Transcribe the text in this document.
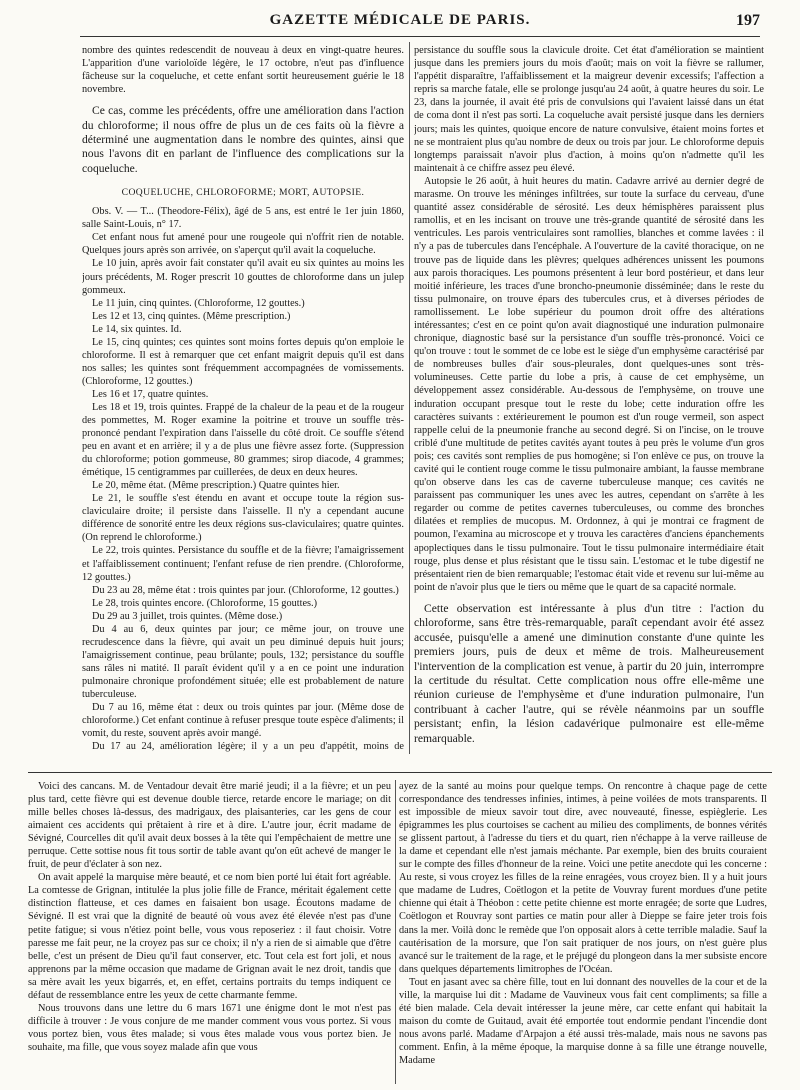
GAZETTE MÉDICALE DE PARIS.	197

nombre des quintes redescendit de nouveau à deux en vingt-quatre heures. L'apparition d'une varioloïde légère, le 17 octobre, n'eut pas d'influence fâcheuse sur la coqueluche, et cette enfant sortit heureusement guérie le 18 novembre.

Ce cas, comme les précédents, offre une amélioration dans l'action du chloroforme; il nous offre de plus un de ces faits où la fièvre a déterminé une augmentation dans le nombre des quintes, ainsi que nous l'avons dit en parlant de l'influence des complications sur la coqueluche.

COQUELUCHE, CHLOROFORME; MORT, AUTOPSIE.

Obs. V. — T... (Theodore-Félix), âgé de 5 ans, est entré le 1er juin 1860, salle Saint-Louis, n° 17.

Cet enfant nous fut amené pour une rougeole qui n'offrit rien de notable. Quelques jours après son arrivée, on s'aperçut qu'il avait la coqueluche.

Le 10 juin, après avoir fait constater qu'il avait eu six quintes au moins les jours précédents, M. Roger prescrit 10 gouttes de chloroforme dans un julep gommeux.

Le 11 juin, cinq quintes. (Chloroforme, 12 gouttes.)

Les 12 et 13, cinq quintes. (Même prescription.)

Le 14, six quintes. Id.

Le 15, cinq quintes; ces quintes sont moins fortes depuis qu'on emploie le chloroforme. Il est à remarquer que cet enfant maigrit depuis qu'il est dans nos salles; les quintes sont fréquemment accompagnées de vomissements. (Chloroforme, 12 gouttes.)

Les 16 et 17, quatre quintes.

Les 18 et 19, trois quintes. Frappé de la chaleur de la peau et de la rougeur des pommettes, M. Roger examine la poitrine et trouve un souffle très-prononcé pendant l'expiration dans l'aisselle du côté droit. Ce souffle s'étend peu en avant et en arrière; il y a de plus une fièvre assez forte. (Suppression du chloroforme; potion gommeuse, 80 grammes; sirop diacode, 4 grammes; émétique, 15 centigrammes par cuillerées, de deux en deux heures.

Le 20, même état. (Même prescription.) Quatre quintes hier.

Le 21, le souffle s'est étendu en avant et occupe toute la région sus-claviculaire droite; il persiste dans l'aisselle. Il n'y a cependant aucune différence de sonorité entre les deux régions sus-claviculaires; quatre quintes. (On reprend le chloroforme.)

Le 22, trois quintes. Persistance du souffle et de la fièvre; l'amaigrissement et l'affaiblissement continuent; l'enfant refuse de rien prendre. (Chloroforme, 12 gouttes.)

Du 23 au 28, même état : trois quintes par jour. (Chloroforme, 12 gouttes.)

Le 28, trois quintes encore. (Chloroforme, 15 gouttes.)

Du 29 au 3 juillet, trois quintes. (Même dose.)

Du 4 au 6, deux quintes par jour; ce même jour, on trouve une recrudescence dans la fièvre, qui avait un peu diminué depuis huit jours; l'amaigrissement continue, peau brûlante; pouls, 132; persistance du souffle sans râles ni matité. Il paraît évident qu'il y a en ce point une induration pulmonaire chronique profondément située; elle est probablement de nature tuberculeuse.

Du 7 au 16, même état : deux ou trois quintes par jour. (Même dose de chloroforme.) Cet enfant continue à refuser presque toute espèce d'aliments; il vomit, du reste, souvent après avoir mangé.

Du 17 au 24, amélioration légère; il y a un peu d'appétit, moins de

persistance du souffle sous la clavicule droite. Cet état d'amélioration se maintient jusque dans les premiers jours du mois d'août; mais on voit la fièvre se rallumer, l'appétit disparaître, l'affaiblissement et la maigreur devenir excessifs; l'affection a repris sa marche fatale, elle se prolonge jusqu'au 24 août, à quatre heures du soir. Le 23, dans la journée, il avait été pris de convulsions qui l'avaient laissé dans un état de coma dont il n'est pas sorti. La coqueluche avait persisté jusque dans les derniers jours; mais les quintes, quoique encore de nature convulsive, étaient moins fortes et ne se montraient plus qu'au nombre de deux ou trois par jour. Le chloroforme depuis longtemps paraissait n'avoir plus d'action, à moins qu'on n'admette qu'il les maintenait à ce chiffre assez peu élevé.

Autopsie le 26 août, à huit heures du matin. Cadavre arrivé au dernier degré de marasme. On trouve les méninges infiltrées, sur toute la surface du cerveau, d'une quantité assez considérable de sérosité. Les deux hémisphères paraissent plus ramollis, et en les incisant on trouve une très-grande quantité de sérosité dans les ventricules. Les parois ventriculaires sont ramollies, blanches et comme lavées : il n'y a pas de tubercules dans l'encéphale. A l'ouverture de la cavité thoracique, on ne trouve pas de liquide dans les plèvres; quelques adhérences unissent les poumons aux parois thoraciques. Les poumons présentent à leur bord postérieur, et dans leur moitié inférieure, les traces d'une broncho-pneumonie disséminée; dans le reste du tissu pulmonaire, on trouve épars des tubercules crus, et à diverses périodes de ramollissement. Le lobe supérieur du poumon droit offre des altérations intéressantes; c'est en ce point qu'on avait diagnostiqué une induration pulmonaire chronique, diagnostic basé sur la persistance d'un souffle très-prononcé. Voici ce qu'on trouve : tout le sommet de ce lobe est le siège d'un emphysème caractérisé par de nombreuses bulles d'air sous-pleurales, dont quelques-unes sont très-volumineuses. Cette partie du lobe a pris, à cause de cet emphysème, un développement assez considérable. Au-dessous de l'emphysème, on trouve une induration occupant presque tout le reste du lobe; cette induration offre les caractères suivants : extérieurement le poumon est d'un rouge vermeil, son aspect rappelle celui de la pneumonie franche au second degré. Si on l'incise, on le trouve criblé d'une multitude de petites cavités ayant toutes à peu près le volume d'un gros pois; ces cavités sont remplies de pus homogène; si l'on enlève ce pus, on trouve la cavité qui le contient rouge comme le tissu pulmonaire ambiant, la fausse membrane qu'on observe dans les cas de caverne tuberculeuse manque; ces cavités ne paraissent pas communiquer les unes avec les autres, cependant on s'arrête à les regarder ou comme de petites cavernes tuberculeuses, ou comme des bronches dilatées et remplies de mucopus. M. Ordonnez, à qui je montrai ce fragment de poumon, l'examina au microscope et y trouva les caractères d'anciens épanchements apoplectiques dans le tissu pulmonaire. Tout le tissu pulmonaire intermédiaire était rouge, plus dense et plus résistant que le tissu sain. L'estomac et le tube digestif ne présentaient rien de bien remarquable; l'estomac était vide et revenu sur lui-même au point de n'avoir plus que le tiers ou même que le quart de sa capacité normale.

Cette observation est intéressante à plus d'un titre : l'action du chloroforme, sans être très-remarquable, paraît cependant avoir été assez accusée, puisqu'elle a amené une diminution constante d'une quinte les premiers jours, puis de deux et même de trois. Malheureusement l'intervention de la complication est venue, à partir du 20 juin, interrompre la certitude du résultat. Cette complication nous offre elle-même une réunion curieuse de l'emphysème et d'une induration pulmonaire, l'un contribuant à cacher l'autre, qui se révèle néanmoins par un souffle persistant; enfin, la lésion cadavérique pulmonaire est elle-même remarquable.

Voici des cancans. M. de Ventadour devait être marié jeudi; il a la fièvre; et un peu plus tard, cette fièvre qui est devenue double tierce, retarde encore le mariage; on dit mille belles choses là-dessus, des madrigaux, des plaisanteries, car les gens de cour aimaient ces accidents qui prêtaient à rire et à dire. L'autre jour, écrit madame de Sévigné, Courcelles dit qu'il avait deux bosses à la tête qui l'empêchaient de mettre une perruque. Cette sottise nous fit tous sortir de table avant qu'on eût achevé de manger le fruit, de peur d'éclater à son nez.

On avait appelé la marquise mère beauté, et ce nom bien porté lui était fort agréable. La comtesse de Grignan, intitulée la plus jolie fille de France, méritait également cette distinction flatteuse, et ces dames en faisaient bon usage. Écoutons madame de Sévigné. Il est vrai que la dignité de beauté où vous avez été élevée n'est pas d'une petite fatigue; si vous n'étiez point belle, vous vous reposeriez : il faut choisir. Votre paresse me fait peur, ne la croyez pas sur ce choix; il n'y a rien de si aimable que d'être belle, c'est un présent de Dieu qu'il faut conserver, etc. Tout cela est fort joli, et nous apprenons par la même occasion que madame de Grignan avait le nez droit, tandis que sa mère avait les yeux bigarrés, et, en effet, certains portraits du temps indiquent ce défaut de ressemblance entre les yeux de cette charmante femme.

Nous trouvons dans une lettre du 6 mars 1671 une énigme dont le mot n'est pas difficile à trouver : Je vous conjure de me mander comment vous vous portez. Si vous vous portez bien, vous êtes malade; si vous êtes malade vous vous portez bien. Je souhaite, ma fille, que vous soyez malade afin que vous

ayez de la santé au moins pour quelque temps. On rencontre à chaque page de cette correspondance des tendresses infinies, intimes, à peine voilées de mots transparents. Il est impossible de mieux savoir tout dire, avec nouveauté, finesse, espièglerie. Les épigrammes les plus courtoises se cachent au milieu des compliments, de bonnes vérités se glissent partout, à l'adresse du tiers et du quart, rien n'échappe à la verve railleuse de la dame et cependant elle n'est jamais méchante. Par exemple, bien des bruits couraient sur le compte des filles d'honneur de la reine. Voici une petite anecdote qui les concerne : Au reste, si vous croyez les filles de la reine enragées, vous croyez bien. Il y a huit jours que madame de Ludres, Coëtlogon et la petite de Vouvray furent mordues d'une petite chienne qui était à Théobon : cette petite chienne est morte enragée; de sorte que Ludres, Coëtlogon et Rouvray sont parties ce matin pour aller à Dieppe se faire jeter trois fois dans la mer. Voilà donc le remède que l'on opposait alors à cette terrible maladie. Sauf la cautérisation de la morsure, que l'on sait pratiquer de nos jours, on n'est guère plus avancé sur le traitement de la rage, et le préjugé du plongeon dans la mer subsiste encore dans quelques départements limitrophes de l'Océan.

Tout en jasant avec sa chère fille, tout en lui donnant des nouvelles de la cour et de la ville, la marquise lui dit : Madame de Vauvineux vous fait cent compliments; sa fille a été bien malade. Cela devait intéresser la jeune mère, car cette enfant qui habitait la maison du comte de Guitaud, avait été emportée tout endormie pendant l'incendie dont nous avons parlé. Madame d'Arpajon a été aussi très-malade, mais nous ne savons pas comment. Enfin, à la même époque, la marquise donne à sa fille une étrange nouvelle, Madame
